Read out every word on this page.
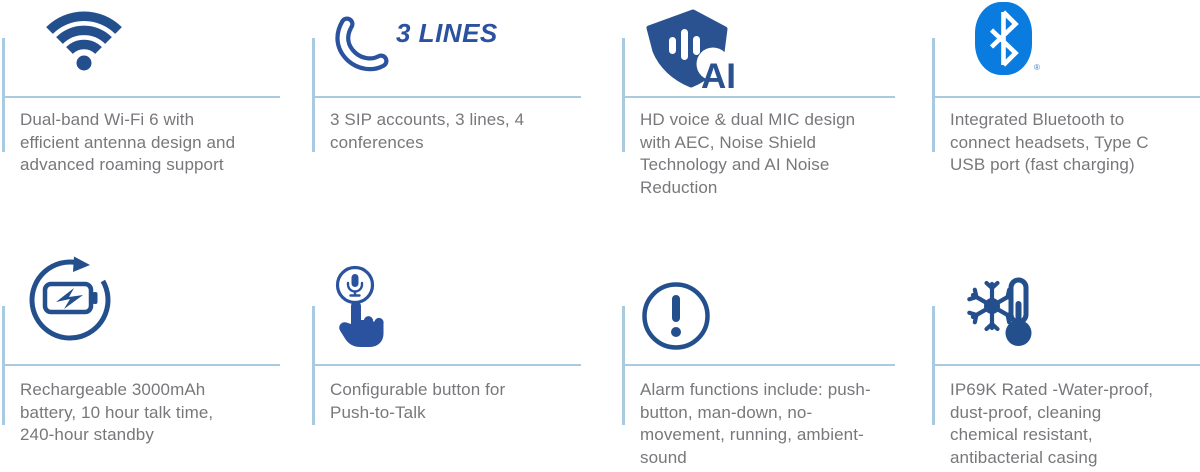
Dual-band Wi-Fi 6 with efficient antenna design and advanced roaming support
3 LINES
3 SIP accounts, 3 lines, 4 conferences
AI
HD voice & dual MIC design with AEC, Noise Shield Technology and AI Noise Reduction
®
Integrated Bluetooth to connect headsets, Type C USB port (fast charging)
Rechargeable 3000mAh battery, 10 hour talk time, 240-hour standby
Configurable button for Push-to-Talk
Alarm functions include: push-button, man-down, no-movement, running, ambient-sound
IP69K Rated -Water-proof, dust-proof, cleaning chemical resistant, antibacterial casing
